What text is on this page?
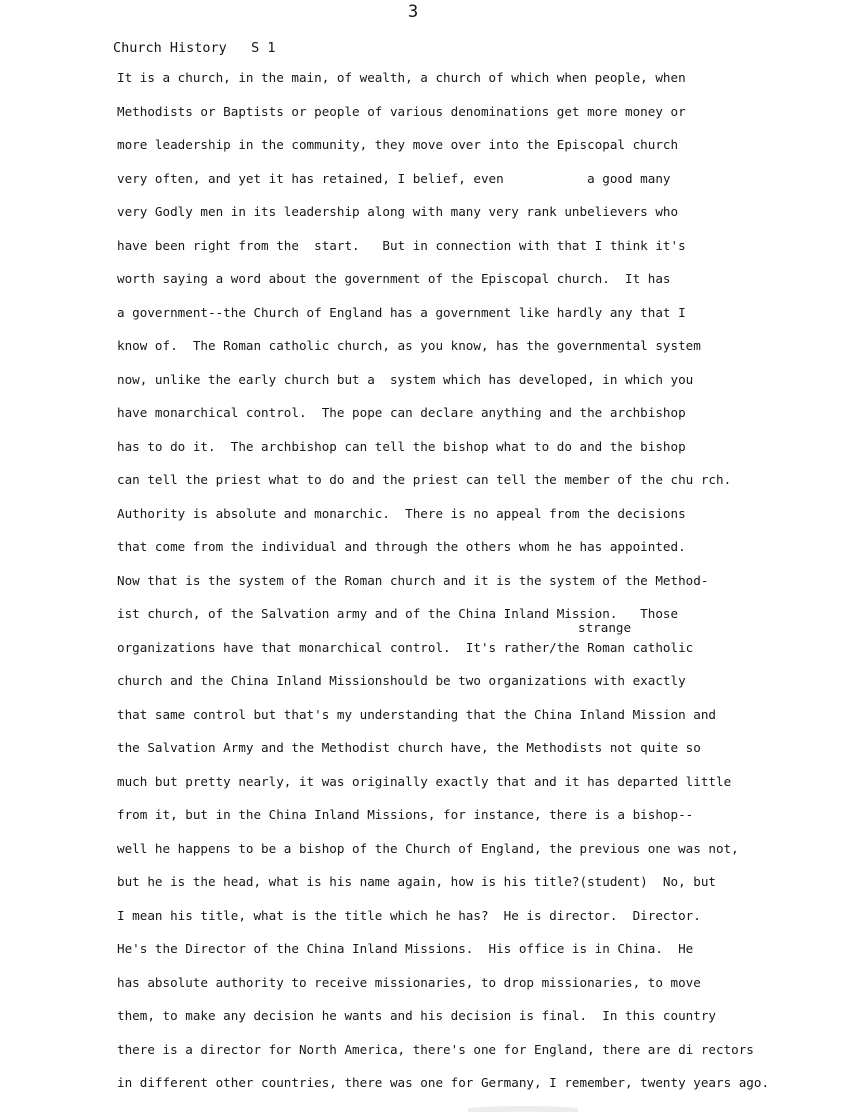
3
Church History   S 1
strange
It is a church, in the main, of wealth, a church of which when people, when
Methodists or Baptists or people of various denominations get more money or
more leadership in the community, they move over into the Episcopal church
very often, and yet it has retained, I belief, even           a good many
very Godly men in its leadership along with many very rank unbelievers who
have been right from the  start.   But in connection with that I think it's
worth saying a word about the government of the Episcopal church.  It has
a government--the Church of England has a government like hardly any that I
know of.  The Roman catholic church, as you know, has the governmental system
now, unlike the early church but a  system which has developed, in which you
have monarchical control.  The pope can declare anything and the archbishop
has to do it.  The archbishop can tell the bishop what to do and the bishop
can tell the priest what to do and the priest can tell the member of the chu rch.
Authority is absolute and monarchic.  There is no appeal from the decisions
that come from the individual and through the others whom he has appointed.
Now that is the system of the Roman church and it is the system of the Method-
ist church, of the Salvation army and of the China Inland Mission.   Those
organizations have that monarchical control.  It's rather/the Roman catholic
church and the China Inland Missionshould be two organizations with exactly
that same control but that's my understanding that the China Inland Mission and
the Salvation Army and the Methodist church have, the Methodists not quite so
much but pretty nearly, it was originally exactly that and it has departed little
from it, but in the China Inland Missions, for instance, there is a bishop--
well he happens to be a bishop of the Church of England, the previous one was not,
but he is the head, what is his name again, how is his title?(student)  No, but
I mean his title, what is the title which he has?  He is director.  Director.
He's the Director of the China Inland Missions.  His office is in China.  He
has absolute authority to receive missionaries, to drop missionaries, to move
them, to make any decision he wants and his decision is final.  In this country
there is a director for North America, there's one for England, there are di rectors
in different other countries, there was one for Germany, I remember, twenty years ago.
